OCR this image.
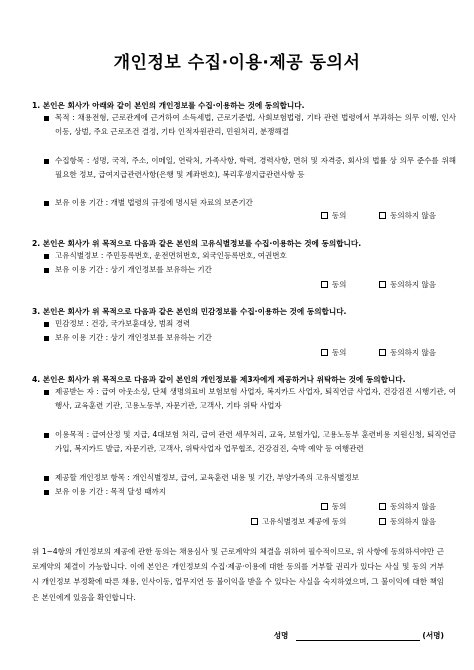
개인정보 수집·이용·제공 동의서
1. 본인은 회사가 아래와 같이 본인의 개인정보를 수집·이용하는 것에 동의합니다.
목적 : 채용전형, 근로관계에 근거하여 소득세법, 근로기준법, 사회보험법령, 기타 관련 법령에서 부과하는 의무 이행, 인사이동, 상벌, 주요 근로조건 결정, 기타 인적자원관리, 민원처리, 분쟁해결
수집항목 : 성명, 국적, 주소, 이메일, 연락처, 가족사항, 학력, 경력사항, 면허 및 자격증, 회사의 법률 상 의무 준수를 위해 필요한 정보, 급여지급관련사항(은행 및 계좌번호), 복리후생지급관련사항 등
보유 이용 기간 : 개별 법령의 규정에 명시된 자료의 보존기간
동의	동의하지 않음
2. 본인은 회사가 위 목적으로 다음과 같은 본인의 고유식별정보를 수집·이용하는 것에 동의합니다.
고유식별정보 : 주민등록번호, 운전면허번호, 외국인등록번호, 여권번호
보유 이용 기간 : 상기 개인정보를 보유하는 기간
동의	동의하지 않음
3. 본인은 회사가 위 목적으로 다음과 같은 본인의 민감정보를 수집·이용하는 것에 동의합니다.
민감정보 : 건강, 국가보훈대상, 범죄 경력
보유 이용 기간 : 상기 개인정보를 보유하는 기간
동의	동의하지 않음
4. 본인은 회사가 위 목적으로 다음과 같이 본인의 개인정보를 제3자에게 제공하거나 위탁하는 것에 동의합니다.
제공받는 자 : 급여 아웃소싱, 단체 생명의료비 보험보험 사업자, 복지카드 사업자, 퇴직연금 사업자, 건강검진 시행기관, 여행사, 교육훈련 기관, 고용노동부, 자문기관, 고객사, 기타 위탁 사업자
이용목적 : 급여산정 및 지급, 4대보험 처리, 급여 관련 세무처리, 교육, 보험가입, 고용노동부 훈련비용 지원신청, 퇴직연금 가입, 복지카드 발급, 자문기관, 고객사, 위탁사업자 업무협조, 건강검진, 숙박 예약 등 여행관련
제공할 개인정보 항목 : 개인식별정보, 급여, 교육훈련 내용 및 기간, 부양가족의 고유식별정보
보유 이용 기간 : 목적 달성 때까지
동의	동의하지 않음
고유식별정보 제공에 동의	동의하지 않음
위 1~4항의 개인정보의 제공에 관한 동의는 채용심사 및 근로계약의 체결을 위하여 필수적이므로, 위 사항에 동의하셔야만 근로계약의 체결이 가능합니다. 이에 본인은 개인정보의 수집·제공·이용에 대한 동의를 거부할 권리가 있다는 사실 및 동의 거부 시 개인정보 부정확에 따른 채용, 인사이동, 업무지연 등 불이익을 받을 수 있다는 사실을 숙지하였으며, 그 불이익에 대한 책임은 본인에게 있음을 확인합니다.
성명	(서명)
